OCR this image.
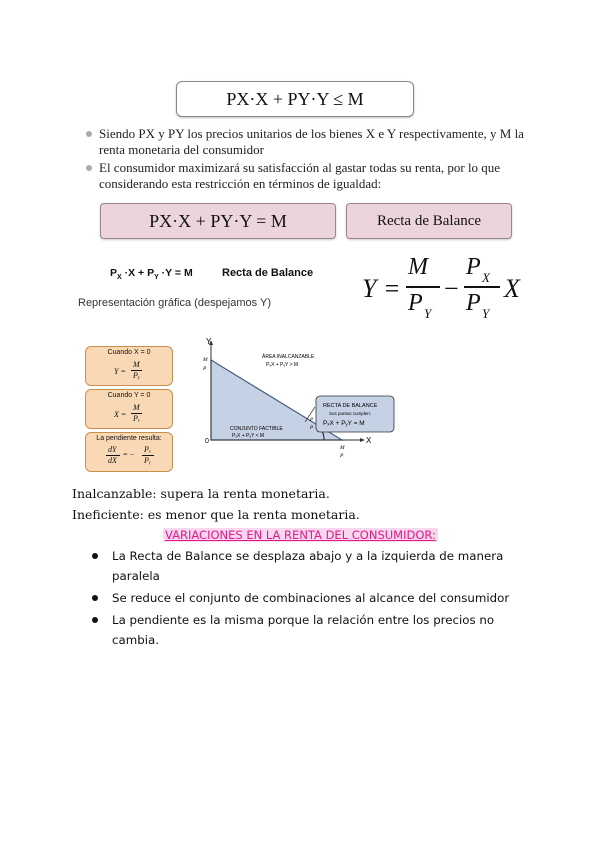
PX·X + PY·Y ≤ M
Siendo PX y PY los precios unitarios de los bienes X e Y respectivamente, y M la renta monetaria del consumidor
El consumidor maximizará su satisfacción al gastar todas su renta, por lo que considerando esta restricción en términos de igualdad:
PX·X + PY·Y = M	Recta de Balance
$P_X \cdot X + P_Y \cdot Y = M$	Recta de Balance
Representación gráfica (despejamos Y)	Y =
M
P Y
−
P X
P Y
X
Cuando X = 0
Y =
M
Pᵧ
Cuando Y = 0
X =
M
Pₓ
La pendiente resulta:
dY
dX
= −
Pₓ
Pᵧ
Y
X
0
M
P
M
P
P
P
ÁREA INALCANZABLE
PₓX + PᵧY > M
CONJUNTO FACTIBLE
PₓX + PᵧY < M
RECTA DE BALANCE
Sus puntos cumplen:
PₓX + PᵧY = M
Inalcanzable: supera la renta monetaria.
Ineficiente: es menor que la renta monetaria.
VARIACIONES EN LA RENTA DEL CONSUMIDOR:
La Recta de Balance se desplaza abajo y a la izquierda de manera paralela
Se reduce el conjunto de combinaciones al alcance del consumidor
La pendiente es la misma porque la relación entre los precios no cambia.
